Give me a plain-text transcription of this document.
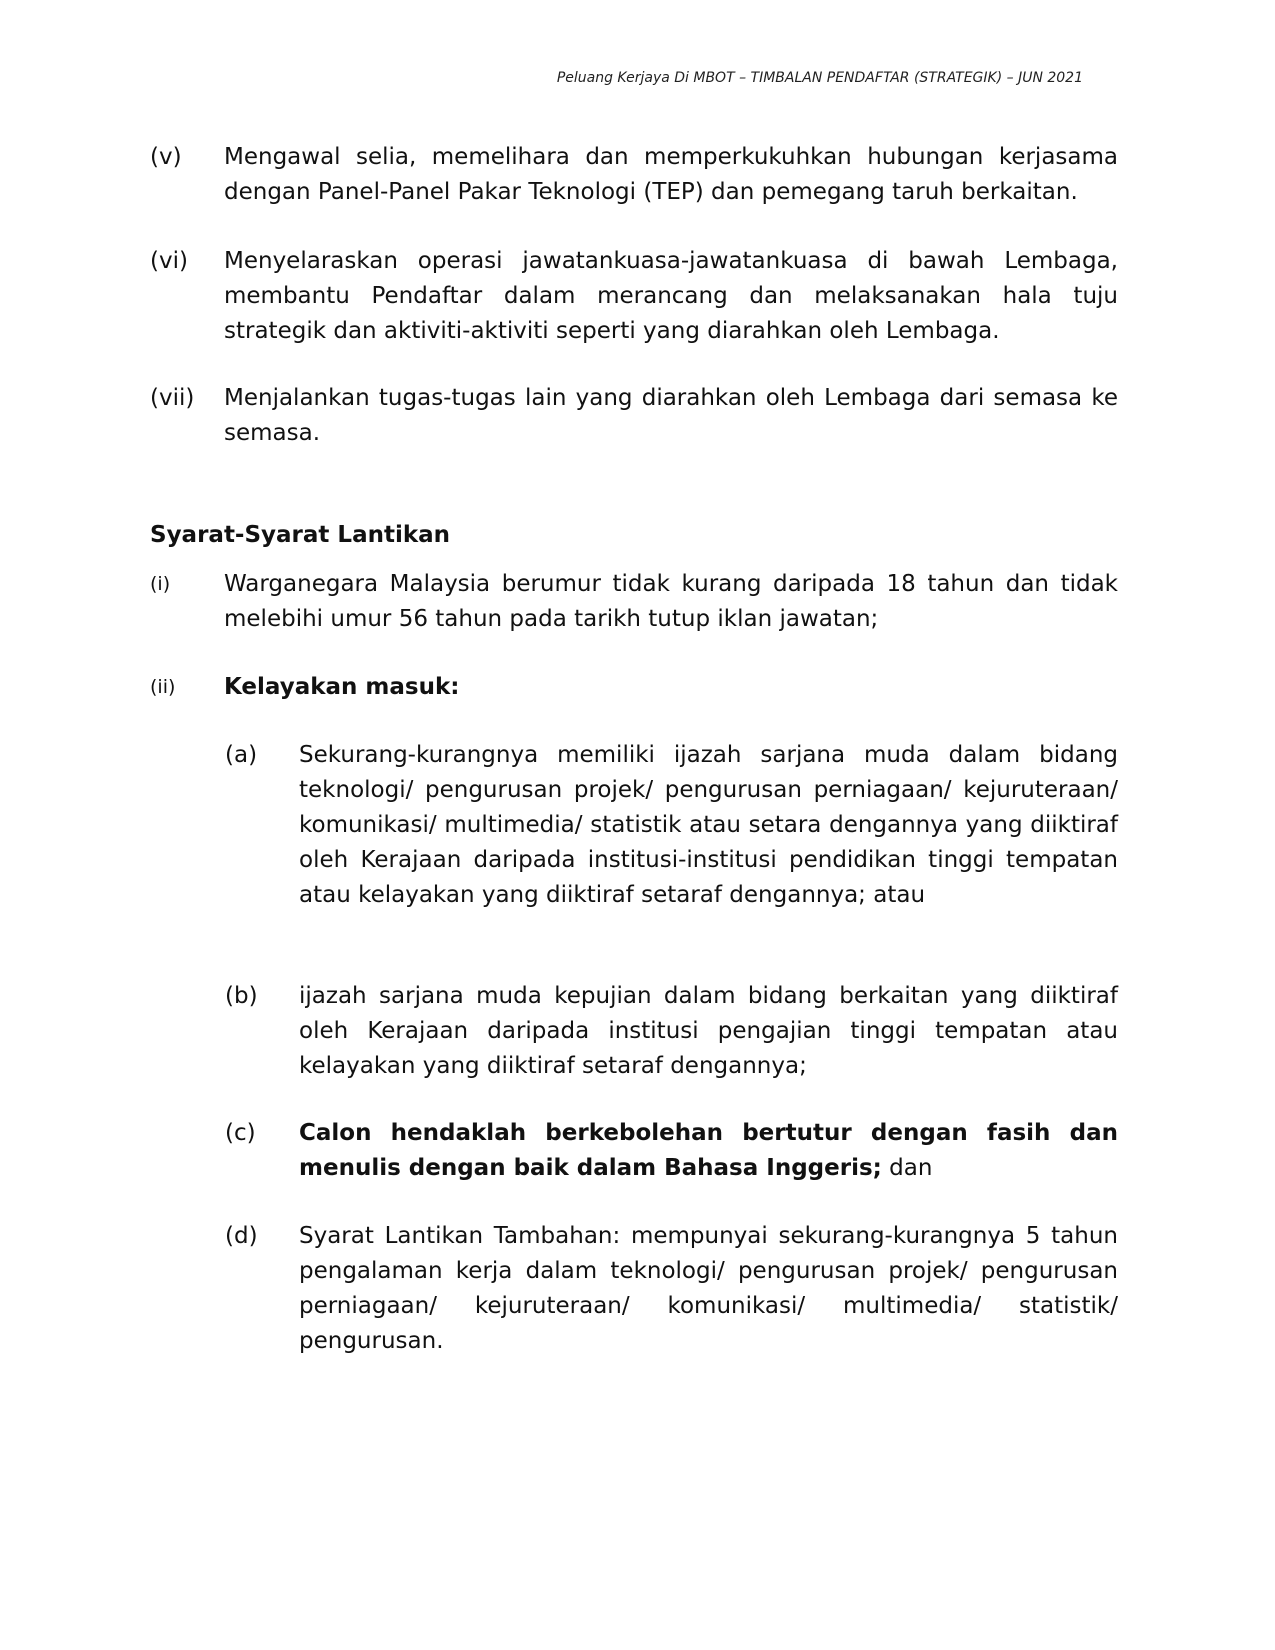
Peluang Kerjaya Di MBOT – TIMBALAN PENDAFTAR (STRATEGIK) – JUN 2021
(v) Mengawal selia, memelihara dan memperkukuhkan hubungan kerjasama dengan Panel-Panel Pakar Teknologi (TEP) dan pemegang taruh berkaitan.
(vi) Menyelaraskan operasi jawatankuasa-jawatankuasa di bawah Lembaga, membantu Pendaftar dalam merancang dan melaksanakan hala tuju strategik dan aktiviti-aktiviti seperti yang diarahkan oleh Lembaga.
(vii) Menjalankan tugas-tugas lain yang diarahkan oleh Lembaga dari semasa ke semasa.
Syarat-Syarat Lantikan
(i) Warganegara Malaysia berumur tidak kurang daripada 18 tahun dan tidak melebihi umur 56 tahun pada tarikh tutup iklan jawatan;
(ii) Kelayakan masuk:
(a) Sekurang-kurangnya memiliki ijazah sarjana muda dalam bidang teknologi/ pengurusan projek/ pengurusan perniagaan/ kejuruteraan/ komunikasi/ multimedia/ statistik atau setara dengannya yang diiktiraf oleh Kerajaan daripada institusi-institusi pendidikan tinggi tempatan atau kelayakan yang diiktiraf setaraf dengannya; atau
(b) ijazah sarjana muda kepujian dalam bidang berkaitan yang diiktiraf oleh Kerajaan daripada institusi pengajian tinggi tempatan atau kelayakan yang diiktiraf setaraf dengannya;
(c) Calon hendaklah berkebolehan bertutur dengan fasih dan menulis dengan baik dalam Bahasa Inggeris; dan
(d) Syarat Lantikan Tambahan: mempunyai sekurang-kurangnya 5 tahun pengalaman kerja dalam teknologi/ pengurusan projek/ pengurusan perniagaan/ kejuruteraan/ komunikasi/ multimedia/ statistik/ pengurusan.
